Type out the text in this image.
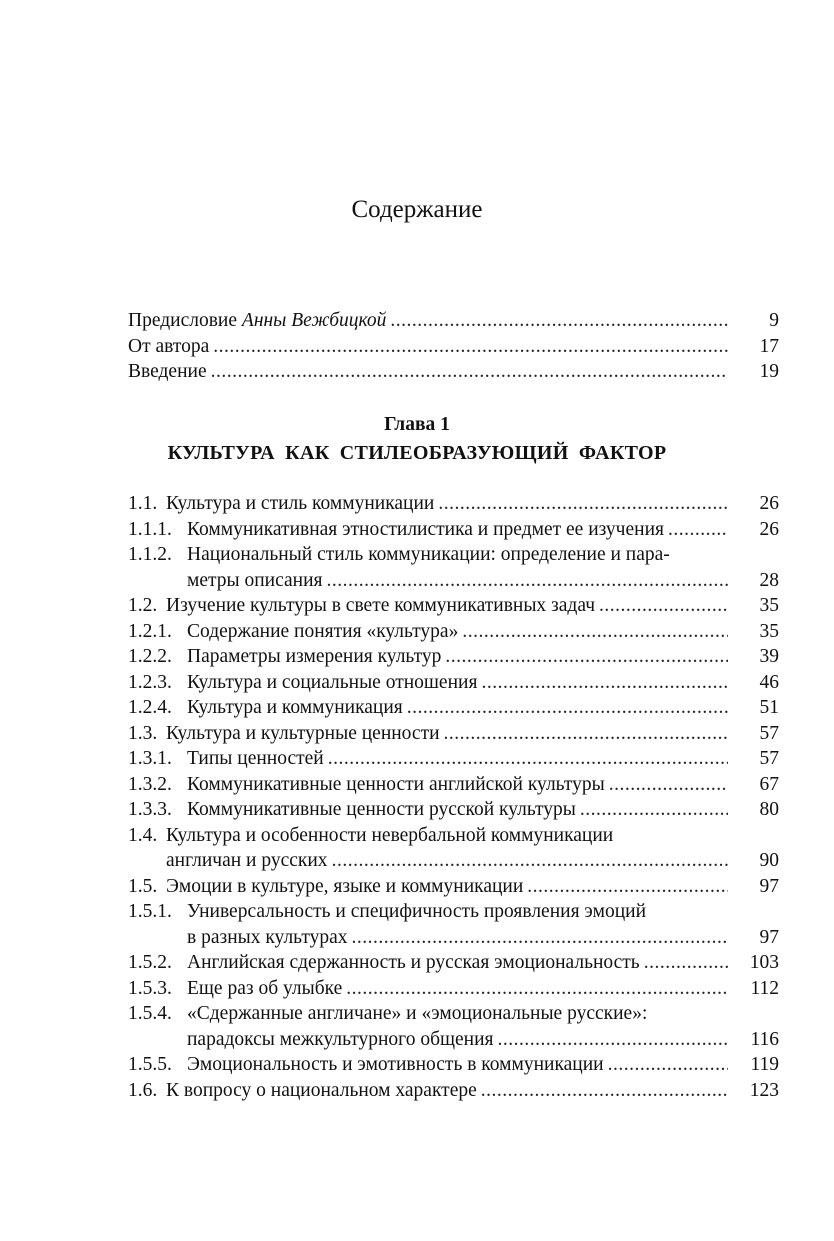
Содержание
Предисловие Анны Вежбицкой .....	9
От автора .....	17
Введение .....	19
Глава 1
КУЛЬТУРА КАК СТИЛЕОБРАЗУЮЩИЙ ФАКТОР
1.1. Культура и стиль коммуникации .....	26
1.1.1. Коммуникативная этностилистика и предмет ее изучения .....	26
1.1.2. Национальный стиль коммуникации: определение и пара-
метры описания .....	28
1.2. Изучение культуры в свете коммуникативных задач .....	35
1.2.1. Содержание понятия «культура» .....	35
1.2.2. Параметры измерения культур .....	39
1.2.3. Культура и социальные отношения .....	46
1.2.4. Культура и коммуникация .....	51
1.3. Культура и культурные ценности .....	57
1.3.1. Типы ценностей .....	57
1.3.2. Коммуникативные ценности английской культуры .....	67
1.3.3. Коммуникативные ценности русской культуры .....	80
1.4. Культура и особенности невербальной коммуникации
англичан и русских .....	90
1.5. Эмоции в культуре, языке и коммуникации .....	97
1.5.1. Универсальность и специфичность проявления эмоций
в разных культурах .....	97
1.5.2. Английская сдержанность и русская эмоциональность .....	103
1.5.3. Еще раз об улыбке .....	112
1.5.4. «Сдержанные англичане» и «эмоциональные русские»:
парадоксы межкультурного общения .....	116
1.5.5. Эмоциональность и эмотивность в коммуникации .....	119
1.6. К вопросу о национальном характере .....	123
